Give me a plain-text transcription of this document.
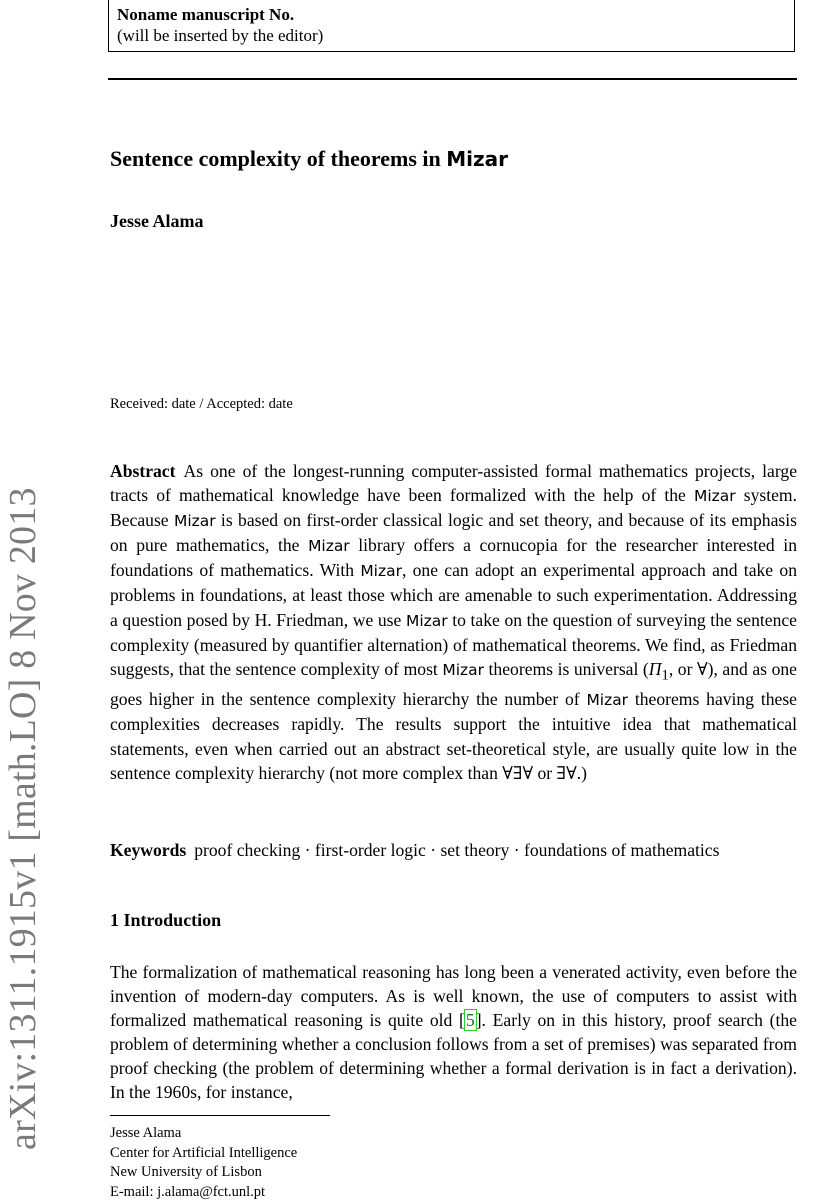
Noname manuscript No.
(will be inserted by the editor)
Sentence complexity of theorems in Mizar
Jesse Alama
Received: date / Accepted: date
Abstract As one of the longest-running computer-assisted formal mathematics projects, large tracts of mathematical knowledge have been formalized with the help of the Mizar system. Because Mizar is based on first-order classical logic and set theory, and because of its emphasis on pure mathematics, the Mizar library offers a cornucopia for the researcher interested in foundations of mathematics. With Mizar, one can adopt an experimental approach and take on problems in foundations, at least those which are amenable to such experimentation. Addressing a question posed by H. Friedman, we use Mizar to take on the question of surveying the sentence complexity (measured by quantifier alternation) of mathematical theorems. We find, as Friedman suggests, that the sentence complexity of most Mizar theorems is universal ($\Pi_1$, or ∀), and as one goes higher in the sentence complexity hierarchy the number of Mizar theorems having these complexities decreases rapidly. The results support the intuitive idea that mathematical statements, even when carried out an abstract set-theoretical style, are usually quite low in the sentence complexity hierarchy (not more complex than ∀∃∀ or ∃∀.)
Keywords proof checking · first-order logic · set theory · foundations of mathematics
1 Introduction
The formalization of mathematical reasoning has long been a venerated activity, even before the invention of modern-day computers. As is well known, the use of computers to assist with formalized mathematical reasoning is quite old [5]. Early on in this history, proof search (the problem of determining whether a conclusion follows from a set of premises) was separated from proof checking (the problem of determining whether a formal derivation is in fact a derivation). In the 1960s, for instance,
Jesse Alama
Center for Artificial Intelligence
New University of Lisbon
E-mail: j.alama@fct.unl.pt
arXiv:1311.1915v1 [math.LO] 8 Nov 2013
